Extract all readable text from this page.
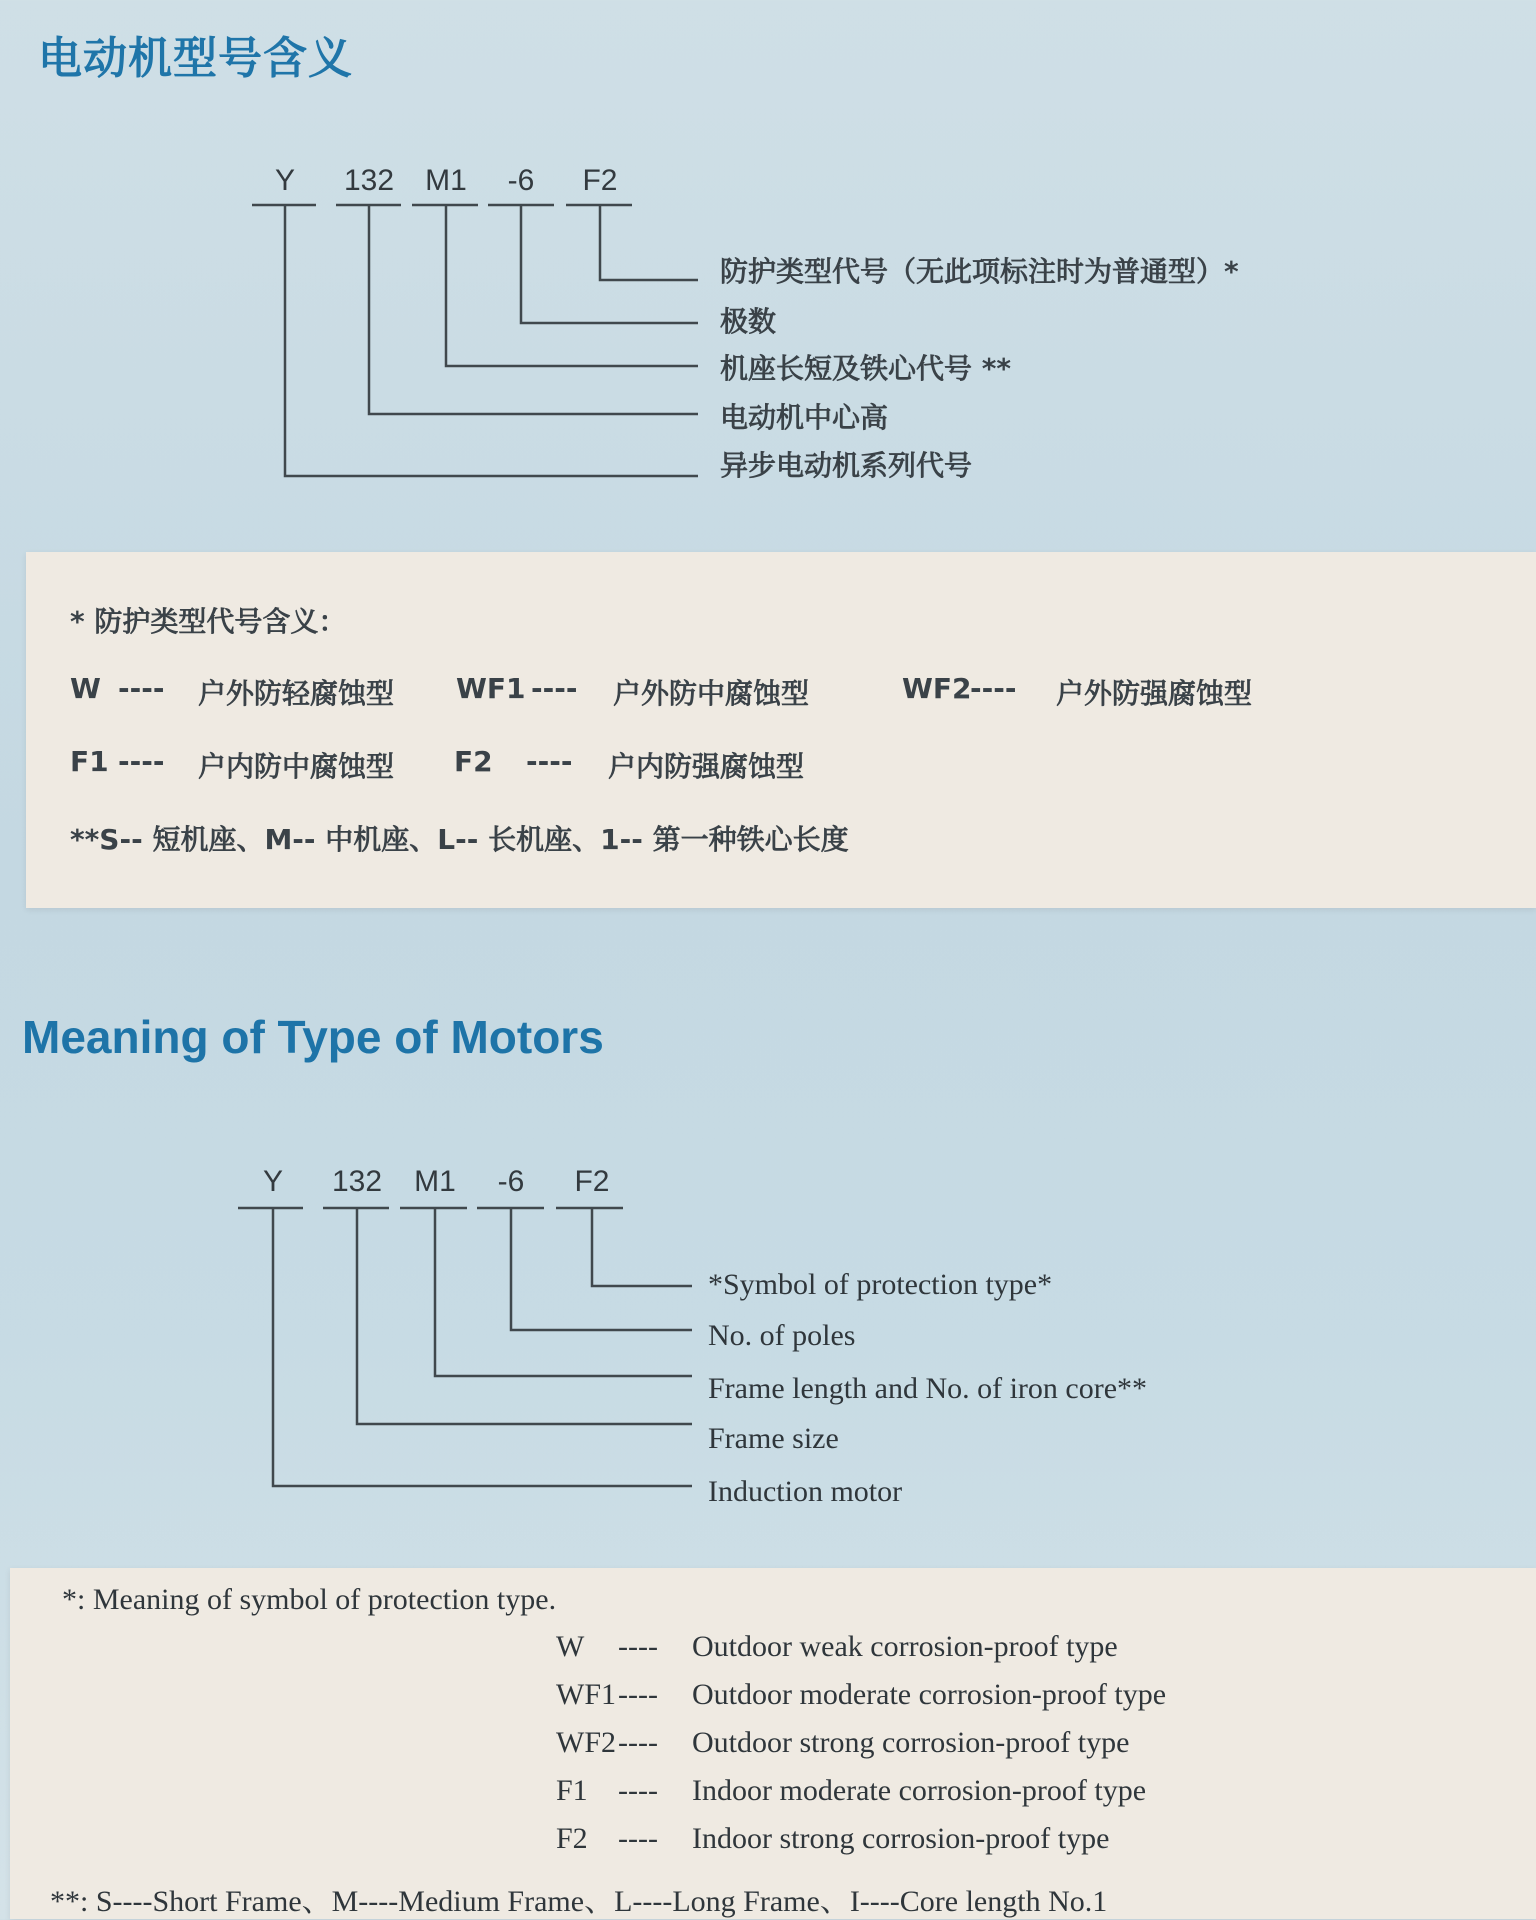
电动机型号含义
Y 132 M1 -6 F2
防护类型代号（无此项标注时为普通型）*
极数
机座长短及铁心代号 **
电动机中心高
异步电动机系列代号
* 防护类型代号含义：
W ---- 户外防轻腐蚀型 WF1 ---- 户外防中腐蚀型	WF2
---- 户外防强腐蚀型
F1 ---- 户内防中腐蚀型 F2 ---- 户内防强腐蚀型
**S-- 短机座、M-- 中机座、L-- 长机座、1-- 第一种铁心长度
Meaning of Type of Motors
Y 132 M1 -6 F2
*Symbol of protection type*
No. of poles
Frame length and No. of iron core**
Frame size
Induction motor
*: Meaning of symbol of protection type.
W ---- Outdoor weak corrosion-proof type
WF1 ---- Outdoor moderate corrosion-proof type
WF2 ---- Outdoor strong corrosion-proof type
F1 ---- Indoor moderate corrosion-proof type
F2 ---- Indoor strong corrosion-proof type
**: S----Short Frame、M----Medium Frame、L----Long Frame、I----Core length No.1
